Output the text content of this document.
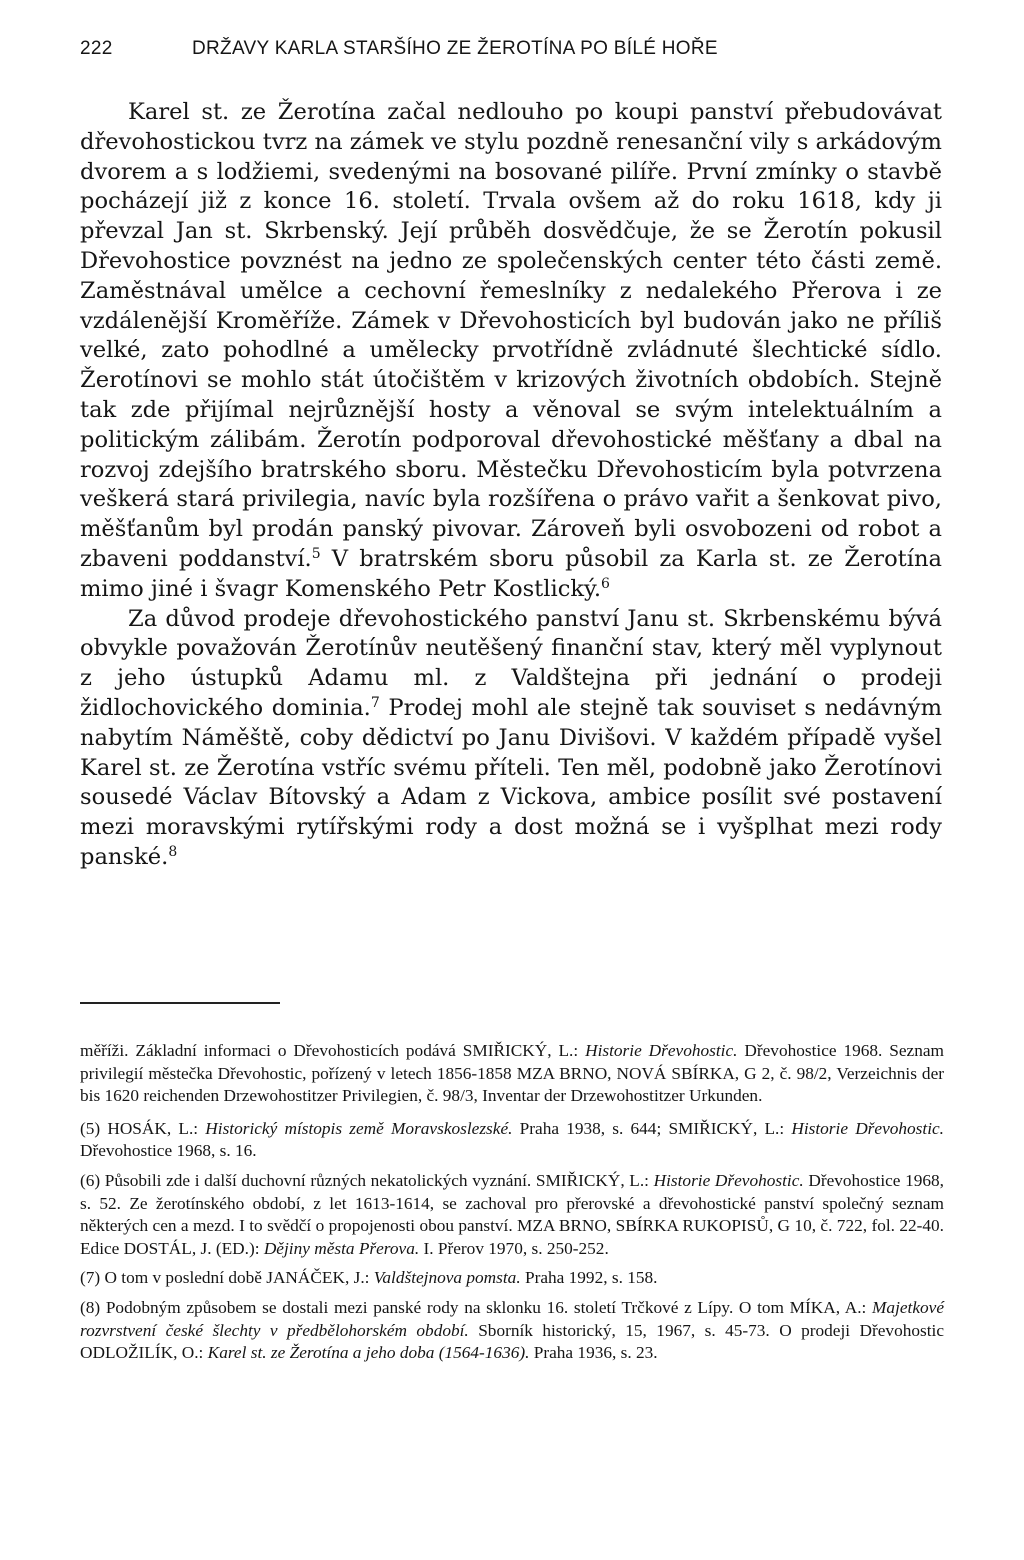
222	DRŽAVY KARLA STARŠÍHO ZE ŽEROTÍNA PO BÍLÉ HOŘE

Karel st. ze Žerotína začal nedlouho po koupi panství přebudovávat dřevohostickou tvrz na zámek ve stylu pozdně renesanční vily s arkádovým dvorem a s lodžiemi, svedenými na bosované pilíře. První zmínky o stavbě pocházejí již z konce 16. století. Trvala ovšem až do roku 1618, kdy ji převzal Jan st. Skrbenský. Její průběh dosvědčuje, že se Žerotín pokusil Dřevohostice povznést na jedno ze společenských center této části země. Zaměstnával umělce a cechovní řemeslníky z nedalekého Přerova i ze vzdálenější Kroměříže. Zámek v Dřevohosticích byl budován jako ne příliš velké, zato pohodlné a umělecky prvotřídně zvládnuté šlechtické sídlo. Žerotínovi se mohlo stát útočištěm v krizových životních obdobích. Stejně tak zde přijímal nejrůznější hosty a věnoval se svým intelektuálním a politickým zálibám. Žerotín podporoval dřevohostické měšťany a dbal na rozvoj zdejšího bratrského sboru. Městečku Dřevohosticím byla potvrzena veškerá stará privilegia, navíc byla rozšířena o právo vařit a šenkovat pivo, měšťanům byl prodán panský pivovar. Zároveň byli osvobozeni od robot a zbaveni poddanství.$^5$ V bratrském sboru působil za Karla st. ze Žerotína mimo jiné i švagr Komenského Petr Kostlický.$^6$

Za důvod prodeje dřevohostického panství Janu st. Skrbenskému bývá obvykle považován Žerotínův neutěšený finanční stav, který měl vyplynout z jeho ústupků Adamu ml. z Valdštejna při jednání o prodeji židlochovického dominia.$^7$ Prodej mohl ale stejně tak souviset s nedávným nabytím Náměště, coby dědictví po Janu Divišovi. V každém případě vyšel Karel st. ze Žerotína vstříc svému příteli. Ten měl, podobně jako Žerotínovi sousedé Václav Bítovský a Adam z Vickova, ambice posílit své postavení mezi moravskými rytířskými rody a dost možná se i vyšplhat mezi rody panské.$^8$

měříži. Základní informaci o Dřevohosticích podává SMIŘICKÝ, L.: Historie Dřevohostic. Dřevohostice 1968. Seznam privilegií městečka Dřevohostic, pořízený v letech 1856-1858 MZA BRNO, NOVÁ SBÍRKA, G 2, č. 98/2, Verzeichnis der bis 1620 reichenden Drzewohostitzer Privilegien, č. 98/3, Inventar der Drzewohostitzer Urkunden.

(5) HOSÁK, L.: Historický místopis země Moravskoslezské. Praha 1938, s. 644; SMIŘICKÝ, L.: Historie Dřevohostic. Dřevohostice 1968, s. 16.

(6) Působili zde i další duchovní různých nekatolických vyznání. SMIŘICKÝ, L.: Historie Dřevohostic. Dřevohostice 1968, s. 52. Ze žerotínského období, z let 1613-1614, se zachoval pro přerovské a dřevohostické panství společný seznam některých cen a mezd. I to svědčí o propojenosti obou panství. MZA BRNO, SBÍRKA RUKOPISŮ, G 10, č. 722, fol. 22-40. Edice DOSTÁL, J. (ED.): Dějiny města Přerova. I. Přerov 1970, s. 250-252.

(7) O tom v poslední době JANÁČEK, J.: Valdštejnova pomsta. Praha 1992, s. 158.

(8) Podobným způsobem se dostali mezi panské rody na sklonku 16. století Trčkové z Lípy. O tom MÍKA, A.: Majetkové rozvrstvení české šlechty v předbělohorském období. Sborník historický, 15, 1967, s. 45-73. O prodeji Dřevohostic ODLOŽILÍK, O.: Karel st. ze Žerotína a jeho doba (1564-1636). Praha 1936, s. 23.
